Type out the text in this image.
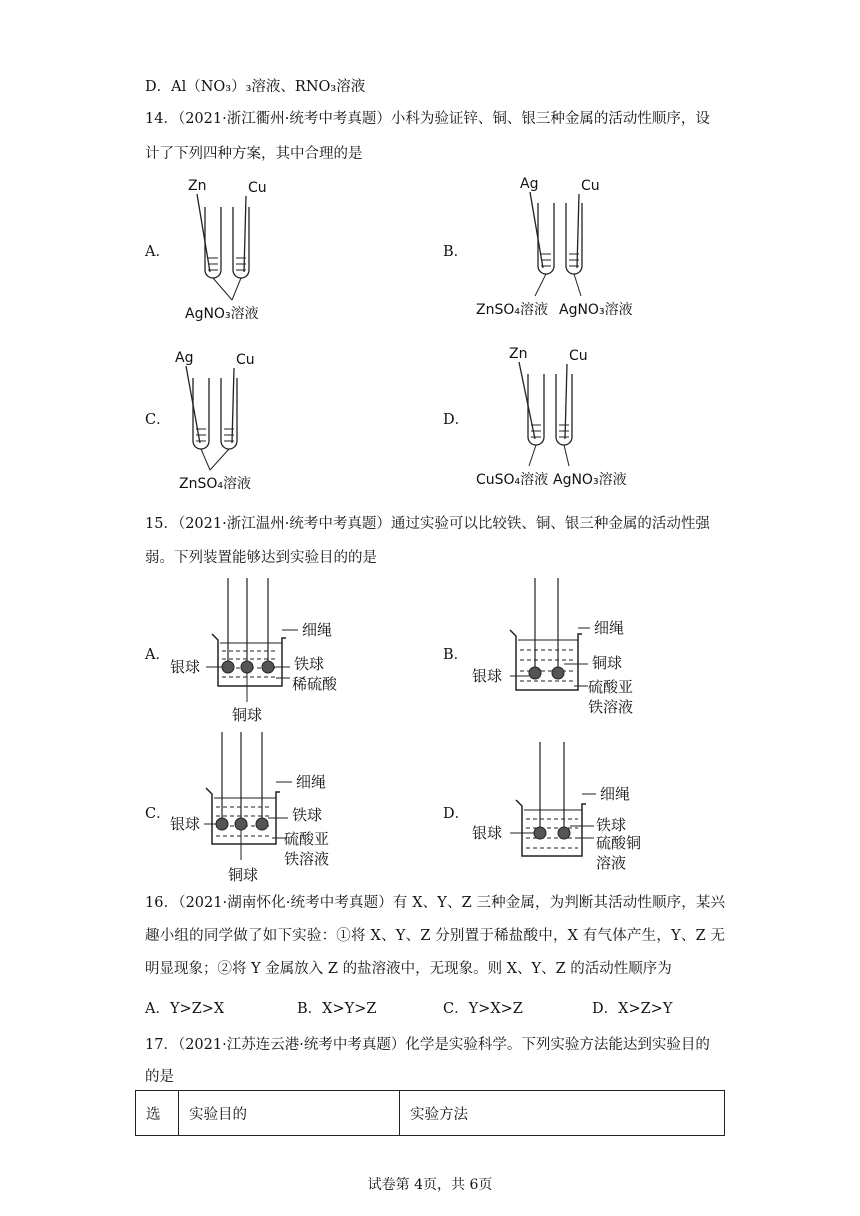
D．Al（NO₃）₃溶液、RNO₃溶液
14．（2021·浙江衢州·统考中考真题）小科为验证锌、铜、银三种金属的活动性顺序，设
计了下列四种方案，其中合理的是
A．
Zn	Cu
AgNO₃溶液
B．
Ag	Cu
ZnSO₄溶液 AgNO₃溶液
C．
Ag	Cu
ZnSO₄溶液
D．
Zn	Cu
CuSO₄溶液 AgNO₃溶液
15．（2021·浙江温州·统考中考真题）通过实验可以比较铁、铜、银三种金属的活动性强
弱。下列装置能够达到实验目的的是
A．
细绳
银球	铁球
稀硫酸
铜球
B．
细绳
银球
铜球
硫酸亚
铁溶液
C．
细绳
银球	铁球
硫酸亚
铁溶液
铜球
D．
细绳
银球	铁球
硫酸铜
溶液
16．（2021·湖南怀化·统考中考真题）有 X、Y、Z 三种金属，为判断其活动性顺序，某兴趣小组的同学做了如下实验：①将 X、Y、Z 分别置于稀盐酸中，X 有气体产生，Y、Z 无明显现象；②将 Y 金属放入 Z 的盐溶液中，无现象。则 X、Y、Z 的活动性顺序为
A．Y>Z>X	B．X>Y>Z	C．Y>X>Z	D．X>Z>Y
17．（2021·江苏连云港·统考中考真题）化学是实验科学。下列实验方法能达到实验目的
的是
选	实验目的	实验方法
试卷第 4页，共 6页
